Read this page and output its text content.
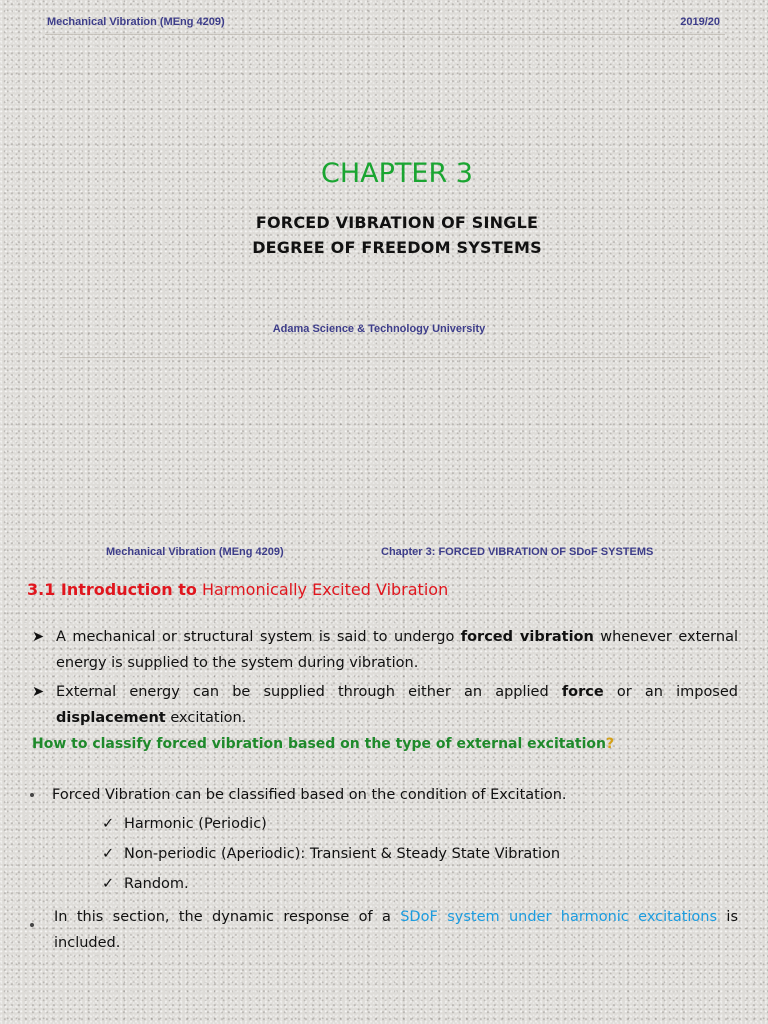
Mechanical Vibration (MEng 4209)	2019/20
CHAPTER 3
FORCED VIBRATION OF SINGLE
DEGREE OF FREEDOM SYSTEMS
Adama Science & Technology University
Mechanical Vibration (MEng 4209)	Chapter 3: FORCED VIBRATION OF SDoF SYSTEMS
3.1 Introduction to Harmonically Excited Vibration
➤ A mechanical or structural system is said to undergo forced vibration whenever external energy is supplied to the system during vibration.
➤ External energy can be supplied through either an applied force or an imposed displacement excitation.
How to classify forced vibration based on the type of external excitation?
Forced Vibration can be classified based on the condition of Excitation.
✓ Harmonic (Periodic)
✓ Non-periodic (Aperiodic): Transient & Steady State Vibration
✓ Random.
In this section, the dynamic response of a SDoF system under harmonic excitations is included.
